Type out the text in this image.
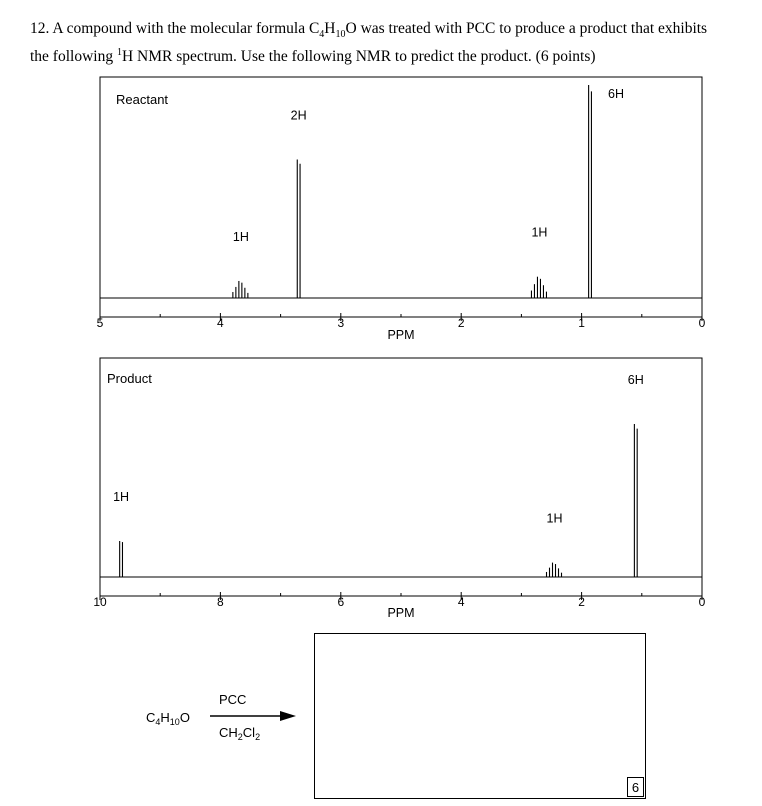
12. A compound with the molecular formula $C_4H_{10}O$ was treated with PCC to produce a product that exhibits
the following $^1$H NMR spectrum. Use the following NMR to predict the product. (6 points)
Reactant
PPM
5	4	3	2	1	0
1H
2H
1H
6H
Product
PPM
10	8	6	4	2	0
1H
1H
6H
$C_4H_{10}O$
PCC
$CH_2Cl_2$
6
